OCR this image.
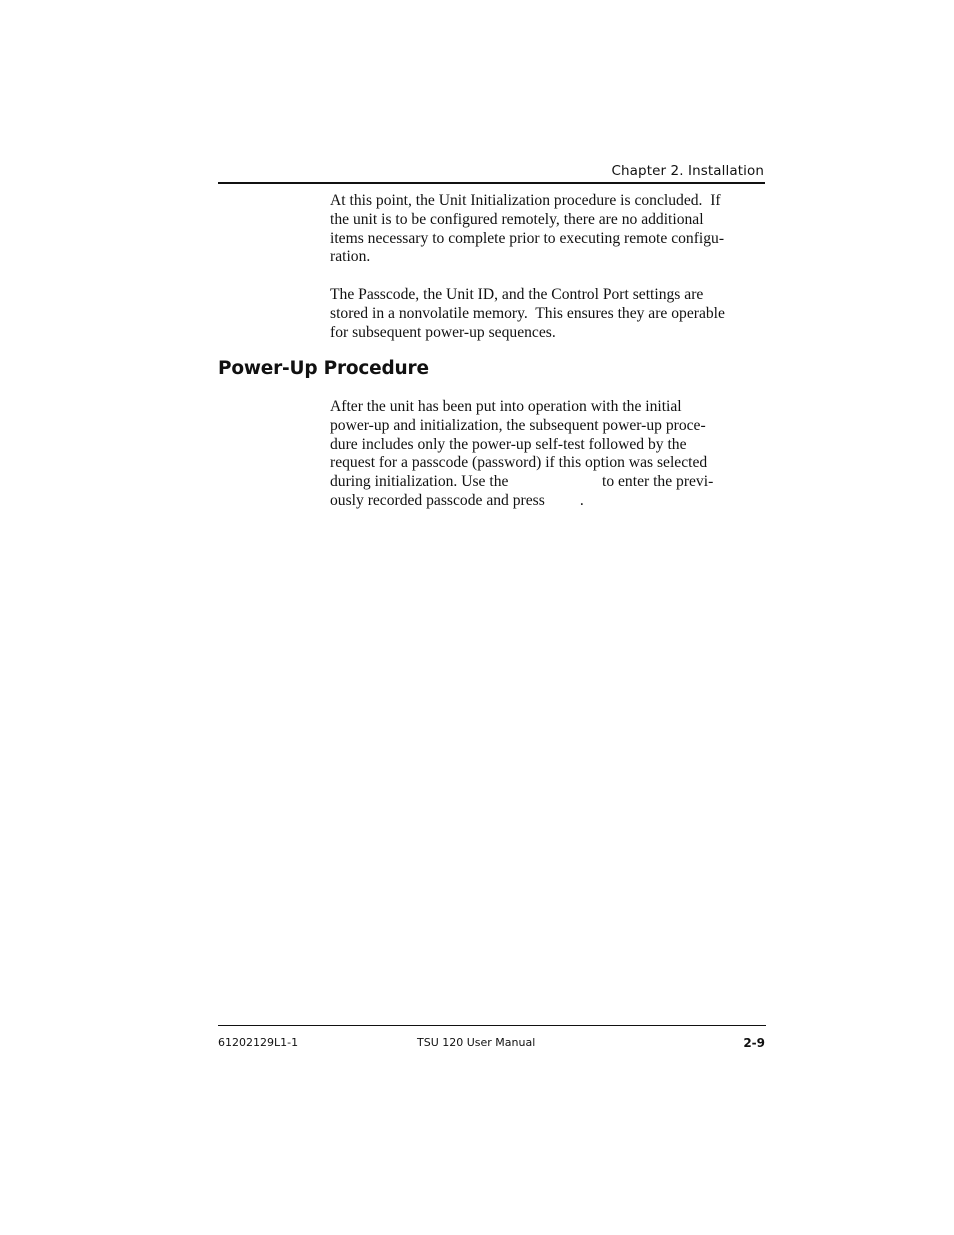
Chapter 2. Installation

At this point, the Unit Initialization procedure is concluded.  If
the unit is to be configured remotely, there are no additional
items necessary to complete prior to executing remote configu-
ration.

The Passcode, the Unit ID, and the Control Port settings are
stored in a nonvolatile memory.  This ensures they are operable
for subsequent power-up sequences.

Power-Up Procedure

After the unit has been put into operation with the initial
power-up and initialization, the subsequent power-up proce-
dure includes only the power-up self-test followed by the
request for a passcode (password) if this option was selected
during initialization. Use the                        to enter the previ-
ously recorded passcode and press         .

61202129L1-1	TSU 120 User Manual	2-9
